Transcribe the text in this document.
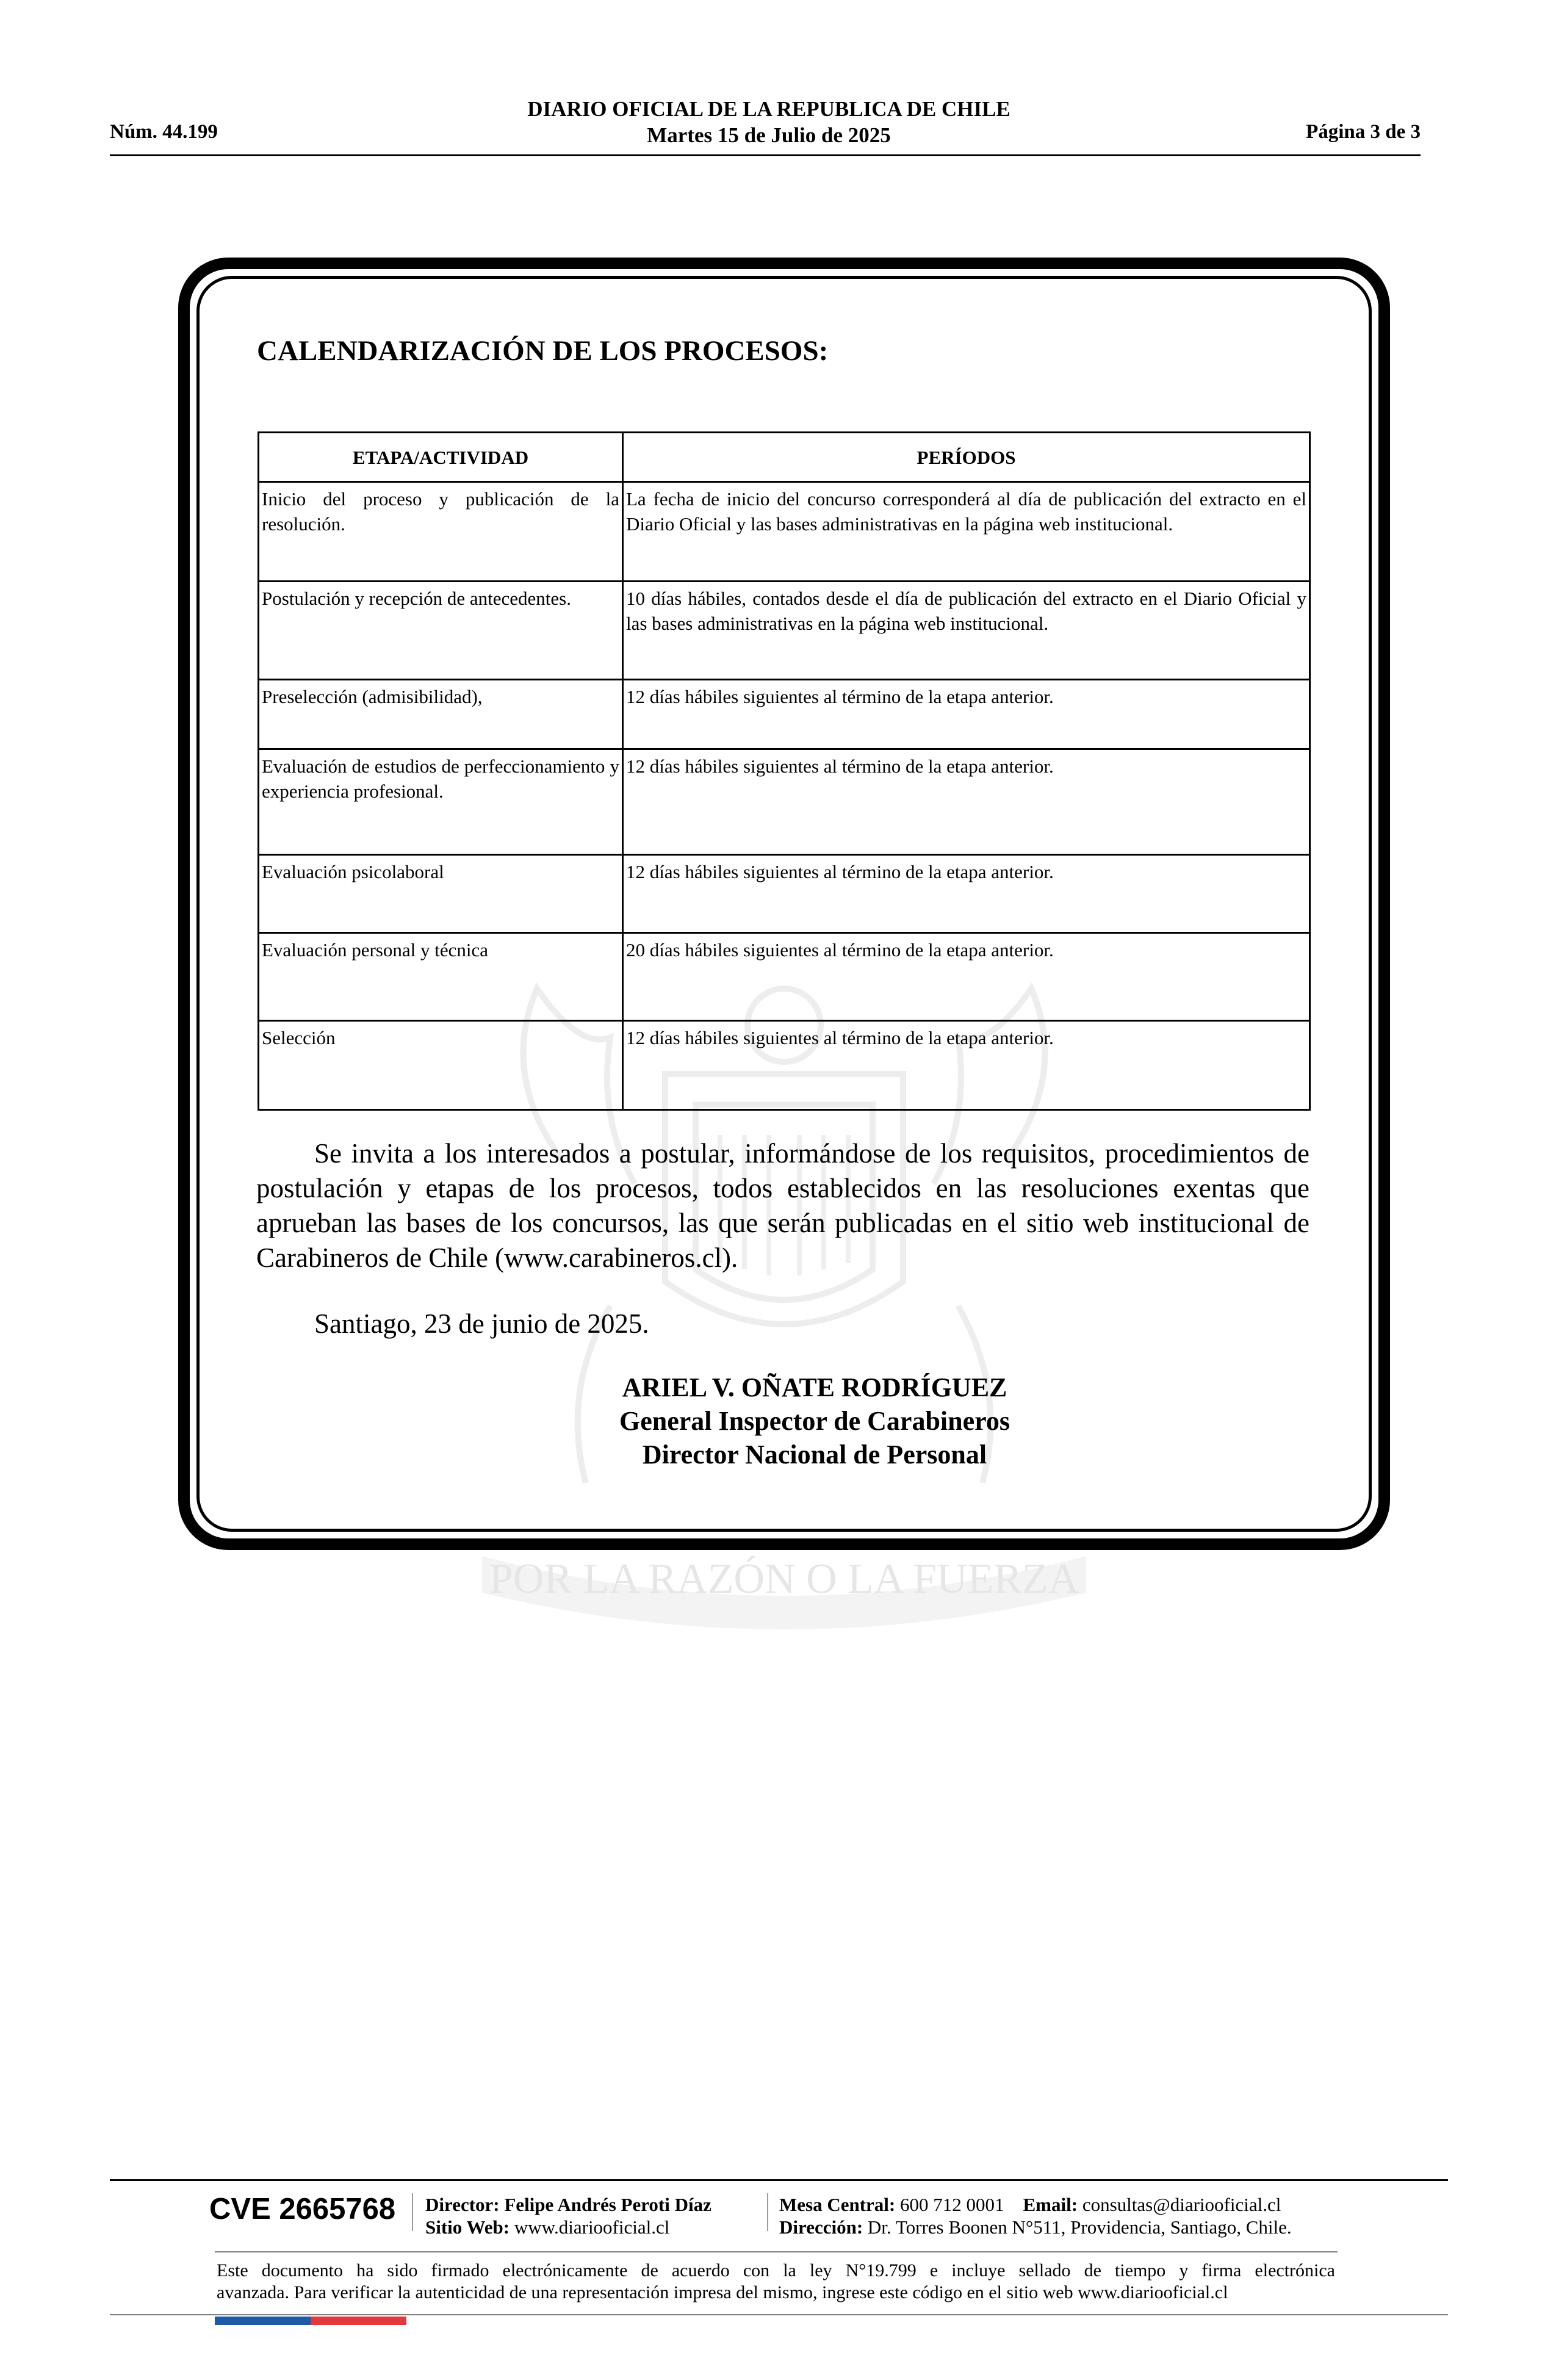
Núm. 44.199
DIARIO OFICIAL DE LA REPUBLICA DE CHILE
Martes 15 de Julio de 2025	Página 3 de 3
POR LA RAZÓN O LA FUERZA
CALENDARIZACIÓN DE LOS PROCESOS:
ETAPA/ACTIVIDAD	PERÍODOS
Inicio del proceso y publicación de la resolución.	La fecha de inicio del concurso corresponderá al día de publicación del extracto en el Diario Oficial y las bases administrativas en la página web institucional.
Postulación y recepción de antecedentes.	10 días hábiles, contados desde el día de publicación del extracto en el Diario Oficial y las bases administrativas en la página web institucional.
Preselección (admisibilidad),	12 días hábiles siguientes al término de la etapa anterior.
Evaluación de estudios de perfeccionamiento y experiencia profesional.	12 días hábiles siguientes al término de la etapa anterior.
Evaluación psicolaboral	12 días hábiles siguientes al término de la etapa anterior.
Evaluación personal y técnica	20 días hábiles siguientes al término de la etapa anterior.
Selección	12 días hábiles siguientes al término de la etapa anterior.
Se invita a los interesados a postular, informándose de los requisitos, procedimientos de postulación y etapas de los procesos, todos establecidos en las resoluciones exentas que aprueban las bases de los concursos, las que serán publicadas en el sitio web institucional de Carabineros de Chile (www.carabineros.cl).
Santiago, 23 de junio de 2025.
ARIEL V. OÑATE RODRÍGUEZ
General Inspector de Carabineros
Director Nacional de Personal
CVE 2665768 Director: Felipe Andrés Peroti Díaz
Sitio Web: www.diariooficial.cl
Mesa Central: 600 712 0001 Email: consultas@diariooficial.cl
Dirección: Dr. Torres Boonen N°511, Providencia, Santiago, Chile.
Este documento ha sido firmado electrónicamente de acuerdo con la ley N°19.799 e incluye sellado de tiempo y firma electrónica
avanzada. Para verificar la autenticidad de una representación impresa del mismo, ingrese este código en el sitio web www.diariooficial.cl
